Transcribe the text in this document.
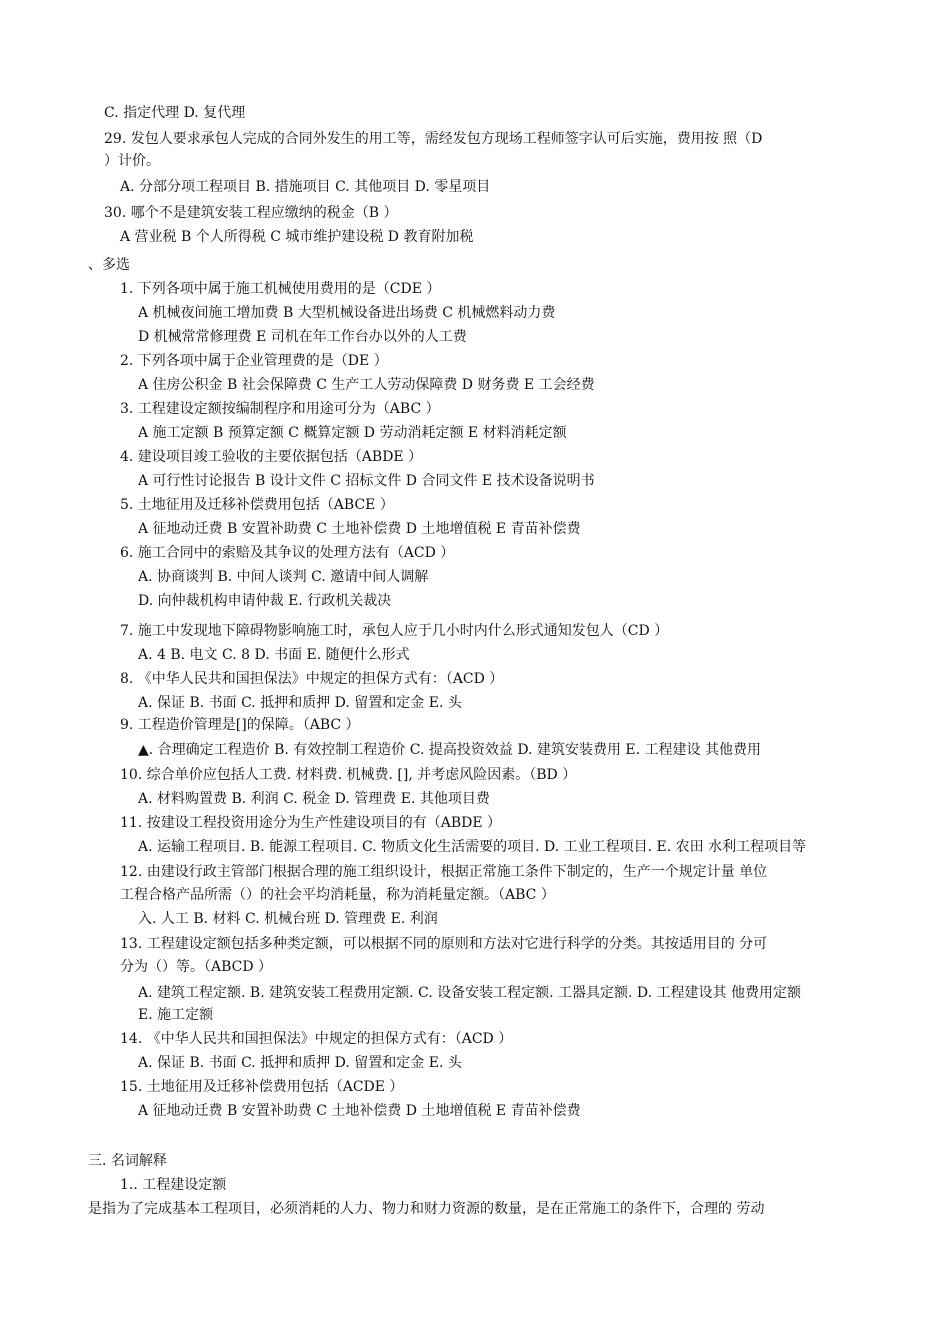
C. 指定代理 D. 复代理
29. 发包人要求承包人完成的合同外发生的用工等，需经发包方现场工程师签字认可后实施，费用按 照（D
）计价。
A. 分部分项工程项目 B. 措施项目 C. 其他项目 D. 零星项目
30. 哪个不是建筑安装工程应缴纳的税金（B ）
A 营业税 B 个人所得税 C 城市维护建设税 D 教育附加税
、多选
1. 下列各项中属于施工机械使用费用的是（CDE ）
A 机械夜间施工增加费 B 大型机械设备进出场费 C 机械燃料动力费
D 机械常常修理费 E 司机在年工作台办以外的人工费
2. 下列各项中属于企业管理费的是（DE ）
A 住房公积金 B 社会保障费 C 生产工人劳动保障费 D 财务费 E 工会经费
3. 工程建设定额按编制程序和用途可分为（ABC ）
A 施工定额 B 预算定额 C 概算定额 D 劳动消耗定额 E 材料消耗定额
4. 建设项目竣工验收的主要依据包括（ABDE ）
A 可行性讨论报告 B 设计文件 C 招标文件 D 合同文件 E 技术设备说明书
5. 土地征用及迁移补偿费用包括（ABCE ）
A 征地动迁费 B 安置补助费 C 土地补偿费 D 土地增值税 E 青苗补偿费
6. 施工合同中的索赔及其争议的处理方法有（ACD ）
A. 协商谈判 B. 中间人谈判 C. 邀请中间人调解
D. 向仲裁机构申请仲裁 E. 行政机关裁决
7. 施工中发现地下障碍物影响施工时，承包人应于几小时内什么形式通知发包人（CD ）
A. 4 B. 电文 C. 8 D. 书面 E. 随便什么形式
8. 《中华人民共和国担保法》中规定的担保方式有：（ACD ）
A. 保证 B. 书面 C. 抵押和质押 D. 留置和定金 E. 头
9. 工程造价管理是[]的保障。（ABC ）
▲. 合理确定工程造价 B. 有效控制工程造价 C. 提高投资效益 D. 建筑安装费用 E. 工程建设 其他费用
10. 综合单价应包括人工费. 材料费. 机械费. [], 并考虑风险因素。（BD ）
A. 材料购置费 B. 利润 C. 税金 D. 管理费 E. 其他项目费
11. 按建设工程投资用途分为生产性建设项目的有（ABDE ）
A. 运输工程项目. B. 能源工程项目. C. 物质文化生活需要的项目. D. 工业工程项目. E. 农田 水利工程项目等
12. 由建设行政主管部门根据合理的施工组织设计，根据正常施工条件下制定的，生产一个规定计量 单位
工程合格产品所需（）的社会平均消耗量，称为消耗量定额。（ABC ）
入. 人工 B. 材料 C. 机械台班 D. 管理费 E. 利润
13. 工程建设定额包括多种类定额，可以根据不同的原则和方法对它进行科学的分类。其按适用目的 分可
分为（）等。（ABCD ）
A. 建筑工程定额. B. 建筑安装工程费用定额. C. 设备安装工程定额. 工器具定额. D. 工程建设其 他费用定额
E. 施工定额
14. 《中华人民共和国担保法》中规定的担保方式有：（ACD ）
A. 保证 B. 书面 C. 抵押和质押 D. 留置和定金 E. 头
15. 土地征用及迁移补偿费用包括（ACDE ）
A 征地动迁费 B 安置补助费 C 土地补偿费 D 土地增值税 E 青苗补偿费
三. 名词解释
1.. 工程建设定额
是指为了完成基本工程项目，必须消耗的人力、物力和财力资源的数量，是在正常施工的条件下，合理的 劳动
